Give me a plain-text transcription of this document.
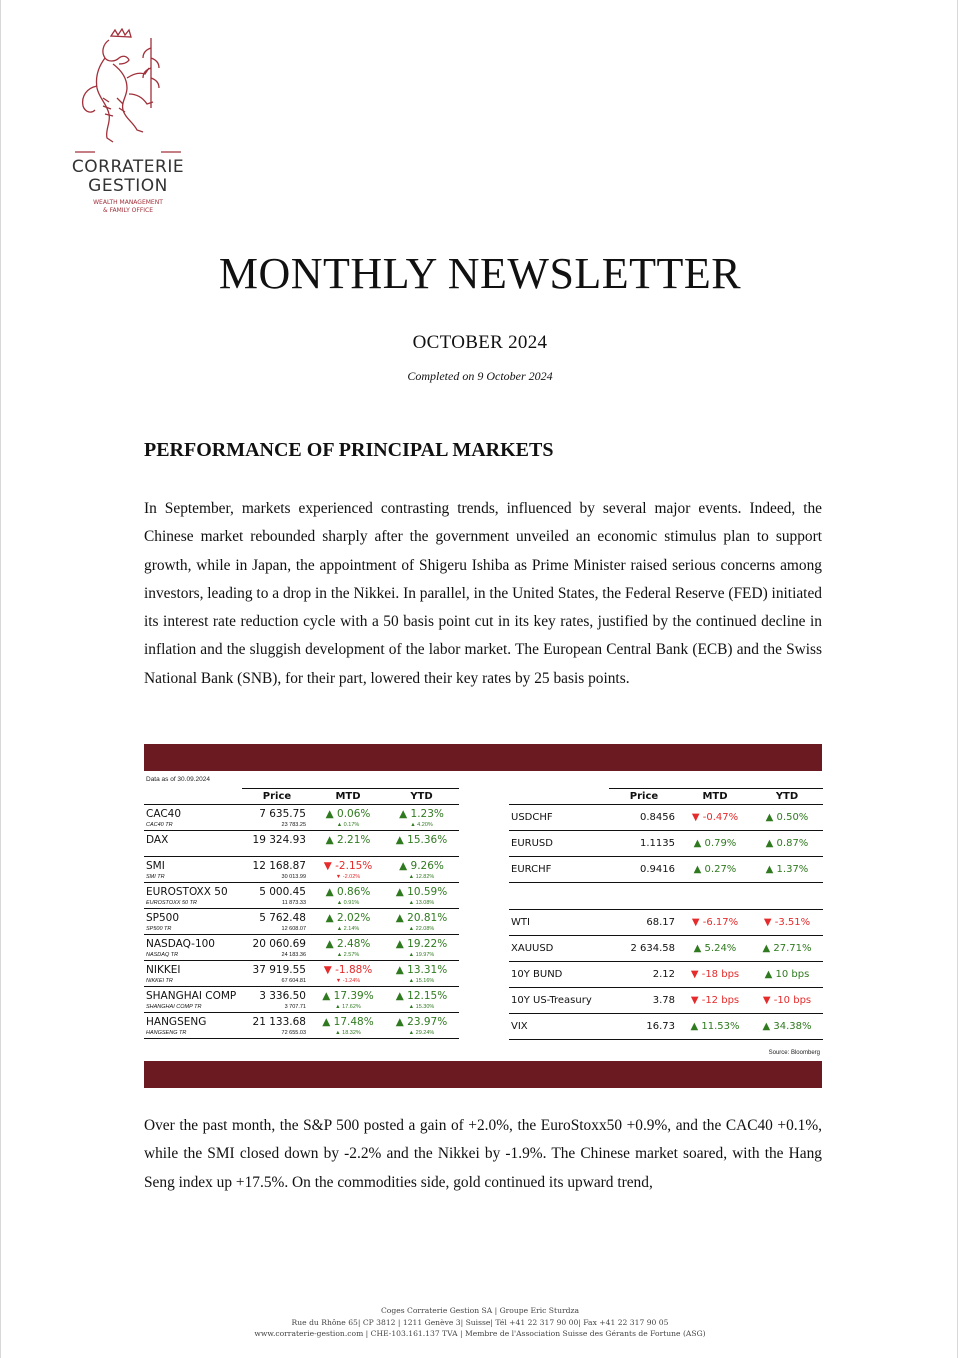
CORRATERIE
GESTION
WEALTH MANAGEMENT
& FAMILY OFFICE
MONTHLY NEWSLETTER
OCTOBER 2024
Completed on 9 October 2024
PERFORMANCE OF PRINCIPAL MARKETS
In September, markets experienced contrasting trends, influenced by several major events. Indeed, the Chinese market rebounded sharply after the government unveiled an economic stimulus plan to support growth, while in Japan, the appointment of Shigeru Ishiba as Prime Minister raised serious concerns among investors, leading to a drop in the Nikkei. In parallel, in the United States, the Federal Reserve (FED) initiated its interest rate reduction cycle with a 50 basis point cut in its key rates, justified by the continued decline in inflation and the sluggish development of the labor market. The European Central Bank (ECB) and the Swiss National Bank (SNB), for their part, lowered their key rates by 25 basis points.
Data as of 30.09.2024
Price	MTD	YTD
CAC40	7 635.75	▲ 0.06%	▲ 1.23%
CAC40 TR	23 783.25	▲ 0.17%	▲ 4.20%
DAX	19 324.93	▲ 2.21%	▲ 15.36%
SMI	12 168.87	▼ -2.15%	▲ 9.26%
SMI TR	30 013.99	▼ -2.02%	▲ 12.82%
EUROSTOXX 50	5 000.45	▲ 0.86%	▲ 10.59%
EUROSTOXX 50 TR	11 873.33	▲ 0.91%	▲ 13.08%
SP500	5 762.48	▲ 2.02%	▲ 20.81%
SP500 TR	12 608.07	▲ 2.14%	▲ 22.08%
NASDAQ-100	20 060.69	▲ 2.48%	▲ 19.22%
NASDAQ TR	24 183.36	▲ 2.57%	▲ 19.97%
NIKKEI	37 919.55	▼ -1.88%	▲ 13.31%
NIKKEI TR	67 604.81	▼ -1.24%	▲ 15.16%
SHANGHAI COMP	3 336.50	▲ 17.39%	▲ 12.15%
SHANGHAI COMP TR	3 707.71	▲ 17.62%	▲ 15.30%
HANGSENG	21 133.68	▲ 17.48%	▲ 23.97%
HANGSENG TR	72 655.03	▲ 18.32%	▲ 29.24%
Price	MTD	YTD
USDCHF	0.8456	▼ -0.47%	▲ 0.50%
EURUSD	1.1135	▲ 0.79%	▲ 0.87%
EURCHF	0.9416	▲ 0.27%	▲ 1.37%
WTI	68.17	▼ -6.17%	▼ -3.51%
XAUUSD	2 634.58	▲ 5.24%	▲ 27.71%
10Y BUND	2.12	▼ -18 bps	▲ 10 bps
10Y US-Treasury	3.78	▼ -12 bps	▼ -10 bps
VIX	16.73	▲ 11.53%	▲ 34.38%
Source: Bloomberg
Over the past month, the S&P 500 posted a gain of +2.0%, the EuroStoxx50 +0.9%, and the CAC40 +0.1%, while the SMI closed down by -2.2% and the Nikkei by -1.9%. The Chinese market soared, with the Hang Seng index up +17.5%. On the commodities side, gold continued its upward trend,
Coges Corraterie Gestion SA | Groupe Eric Sturdza
Rue du Rhône 65| CP 3812 | 1211 Genève 3| Suisse| Tél +41 22 317 90 00| Fax +41 22 317 90 05
www.corraterie-gestion.com | CHE-103.161.137 TVA | Membre de l'Association Suisse des Gérants de Fortune (ASG)
